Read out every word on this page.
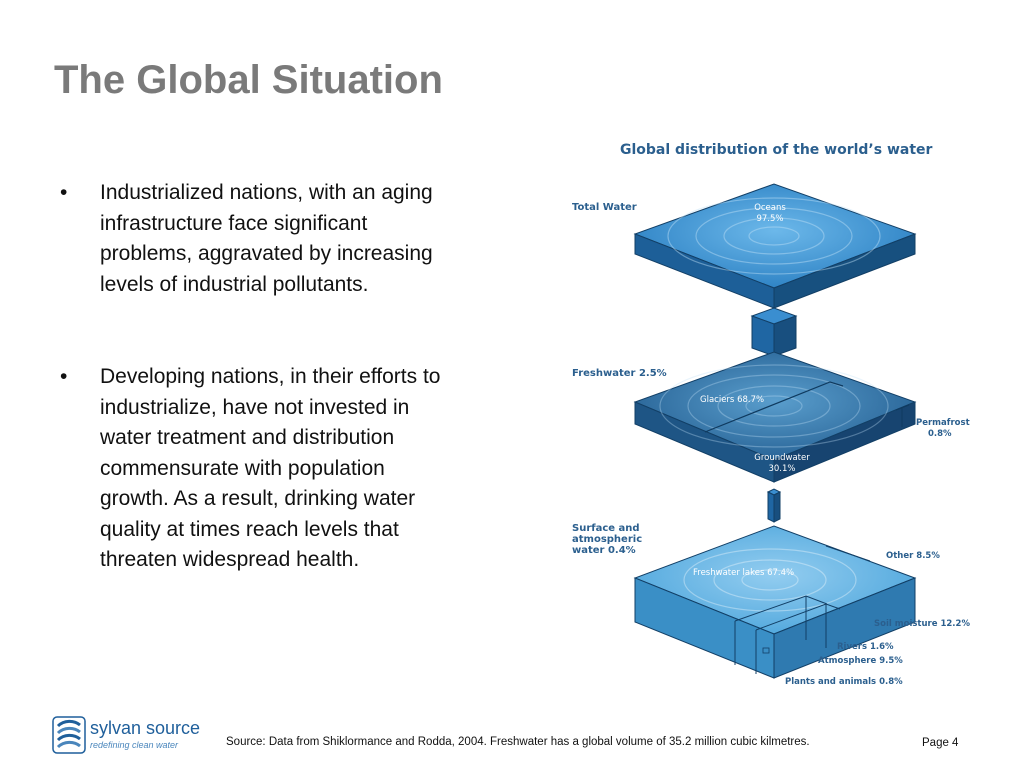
The Global Situation
• Industrialized nations, with an aging
infrastructure face significant
problems, aggravated by increasing
levels of industrial pollutants.
• Developing nations, in their efforts to
industrialize, have not invested in
water treatment and distribution
commensurate with population
growth. As a result, drinking water
quality at times reach levels that
threaten widespread health.
Global distribution of the world’s water
Total Water	Oceans
97.5%
Freshwater 2.5%
Glaciers 68.7%
Groundwater
30.1%
Permafrost
0.8%
Surface and atmospheric water 0.4%
Freshwater lakes 67.4%
Other 8.5%
Soil moisture 12.2%
Rivers 1.6%
Atmosphere 9.5%
Plants and animals 0.8%
sylvan source
redefining clean water	Source: Data from Shiklormance and Rodda, 2004. Freshwater has a global volume of 35.2 million cubic kilmetres.	Page 4
